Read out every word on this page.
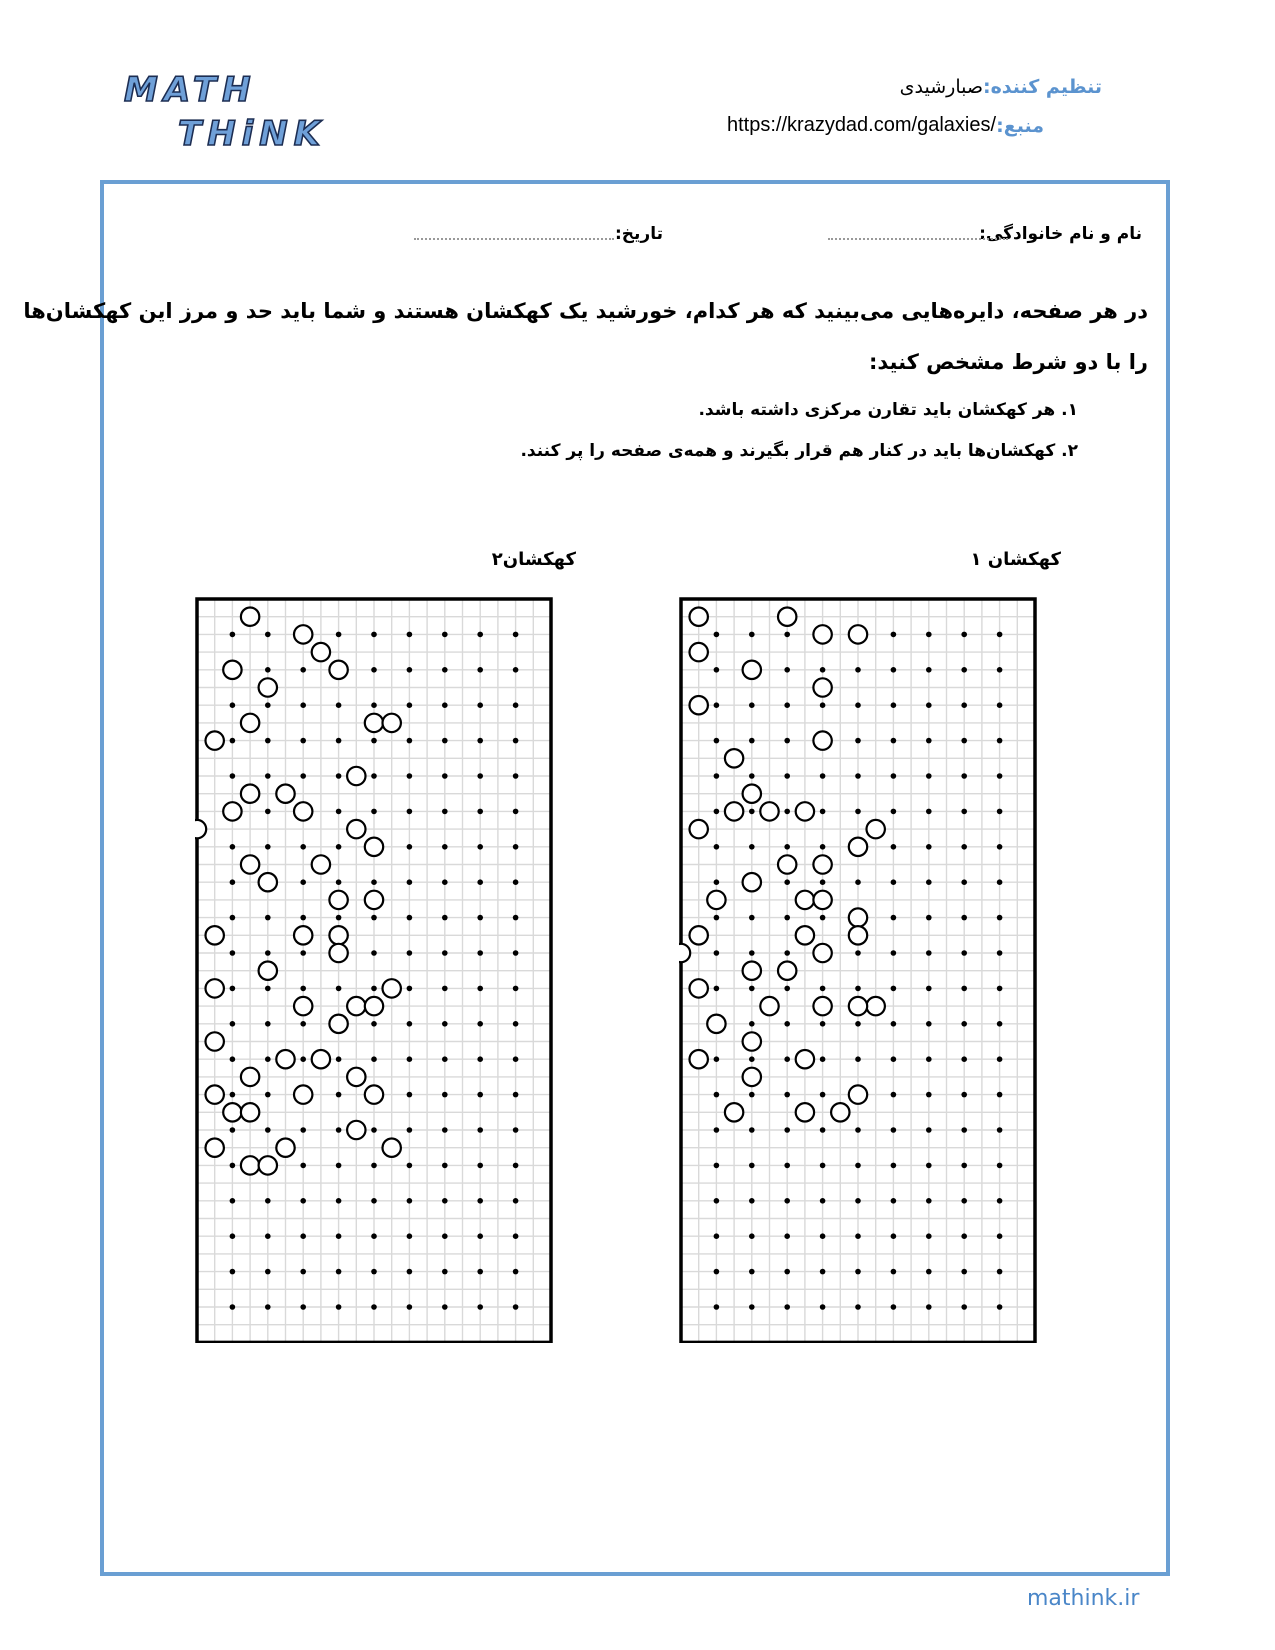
MATH
THiNK
تنظیم کننده:
صبارشیدی
منبع:
https://krazydad.com/galaxies/
نام و نام خانوادگی:
تاریخ:
در هر صفحه، دایره‌هایی می‌بینید که هر کدام، خورشید یک کهکشان هستند و شما باید حد و مرز این کهکشان‌ها
را با دو شرط مشخص کنید:
۱. هر کهکشان باید تقارن مرکزی داشته باشد.
۲. کهکشان‌ها باید در کنار هم قرار بگیرند و همه‌ی صفحه را پر کنند.
کهکشان ۱
کهکشان۲
mathink.ir
